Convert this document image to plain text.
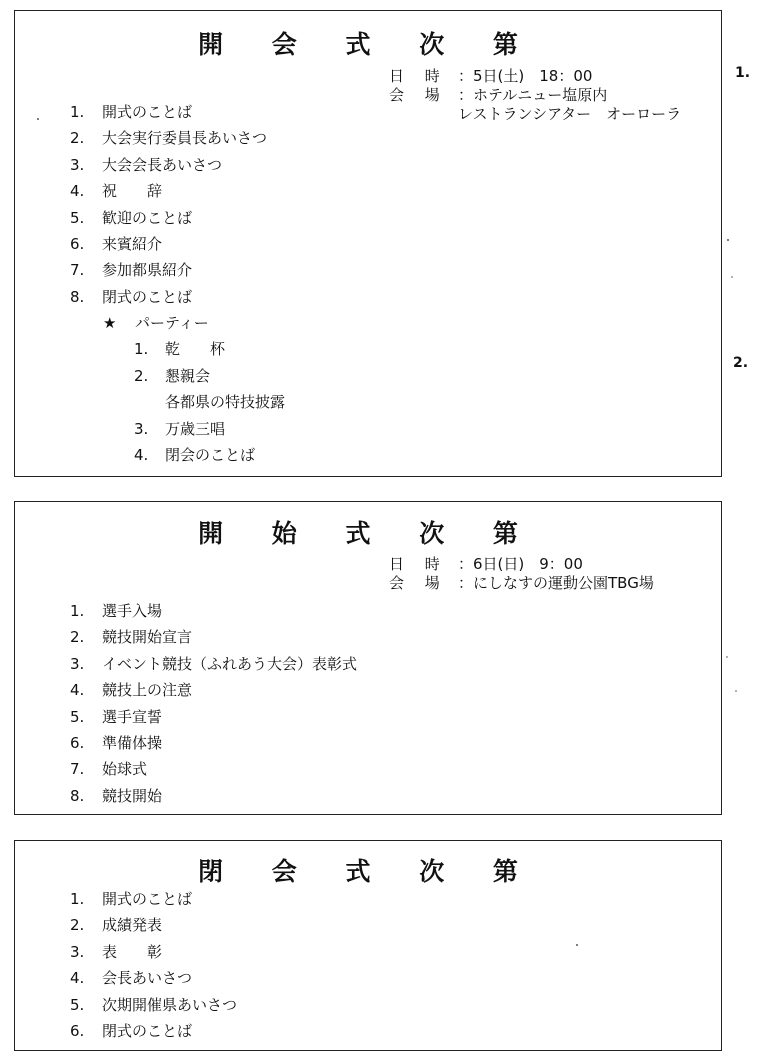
開 会 式 次 第
日 時 ：5日(土)　18：00
会 場 ：ホテルニュー塩原内
レストランシアター　オーローラ
1. 開式のことば
2. 大会実行委員長あいさつ
3. 大会会長あいさつ
4. 祝　　辞
5. 歓迎のことば
6. 来賓紹介
7. 参加都県紹介
8. 閉式のことば
★ パーティー
1. 乾　　杯
2. 懇親会
各都県の特技披露
3. 万歳三唱
4. 閉会のことば
開 始 式 次 第
日 時 ：6日(日)　9：00
会 場 ：にしなすの運動公園TBG場
1. 選手入場
2. 競技開始宣言
3. イベント競技（ふれあう大会）表彰式
4. 競技上の注意
5. 選手宣誓
6. 準備体操
7. 始球式
8. 競技開始
閉 会 式 次 第
1. 開式のことば
2. 成績発表
3. 表　　彰
4. 会長あいさつ
5. 次期開催県あいさつ
6. 閉式のことば
1.
2.
